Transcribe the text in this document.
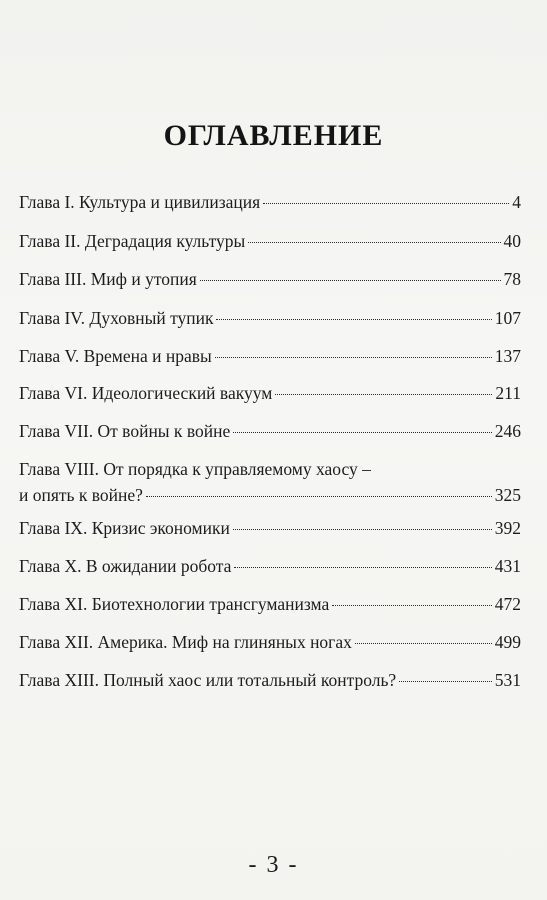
ОГЛАВЛЕНИЕ
Глава I. Культура и цивилизация	4
Глава II. Деградация культуры	40
Глава III. Миф и утопия	78
Глава IV. Духовный тупик	107
Глава V. Времена и нравы	137
Глава VI. Идеологический вакуум	211
Глава VII. От войны к войне	246
Глава VIII. От порядка к управляемому хаосу –
и опять к войне?	325
Глава IX. Кризис экономики	392
Глава X. В ожидании робота	431
Глава XI. Биотехнологии трансгуманизма	472
Глава XII. Америка. Миф на глиняных ногах	499
Глава XIII. Полный хаос или тотальный контроль?	531
- 3 -
